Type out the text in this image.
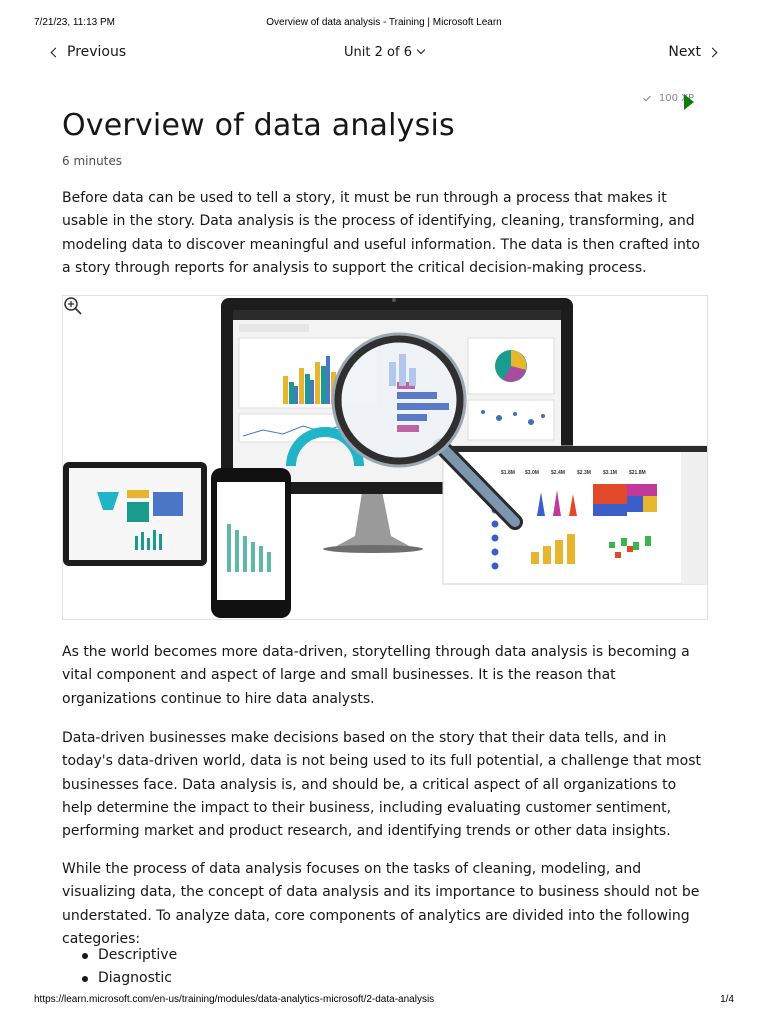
7/21/23, 11:13 PM	Overview of data analysis - Training | Microsoft Learn
Previous	Unit 2 of 6	Next
100 XP
Overview of data analysis
6 minutes

Before data can be used to tell a story, it must be run through a process that makes it usable in the story. Data analysis is the process of identifying, cleaning, transforming, and modeling data to discover meaningful and useful information. The data is then crafted into a story through reports for analysis to support the critical decision-making process.

$1.8M $3.0M $2.4M $2.3M $3.1M $21.8M

As the world becomes more data-driven, storytelling through data analysis is becoming a vital component and aspect of large and small businesses. It is the reason that organizations continue to hire data analysts.

Data-driven businesses make decisions based on the story that their data tells, and in today's data-driven world, data is not being used to its full potential, a challenge that most businesses face. Data analysis is, and should be, a critical aspect of all organizations to help determine the impact to their business, including evaluating customer sentiment, performing market and product research, and identifying trends or other data insights.

While the process of data analysis focuses on the tasks of cleaning, modeling, and visualizing data, the concept of data analysis and its importance to business should not be understated. To analyze data, core components of analytics are divided into the following categories:

Descriptive
Diagnostic
https://learn.microsoft.com/en-us/training/modules/data-analytics-microsoft/2-data-analysis	1/4
